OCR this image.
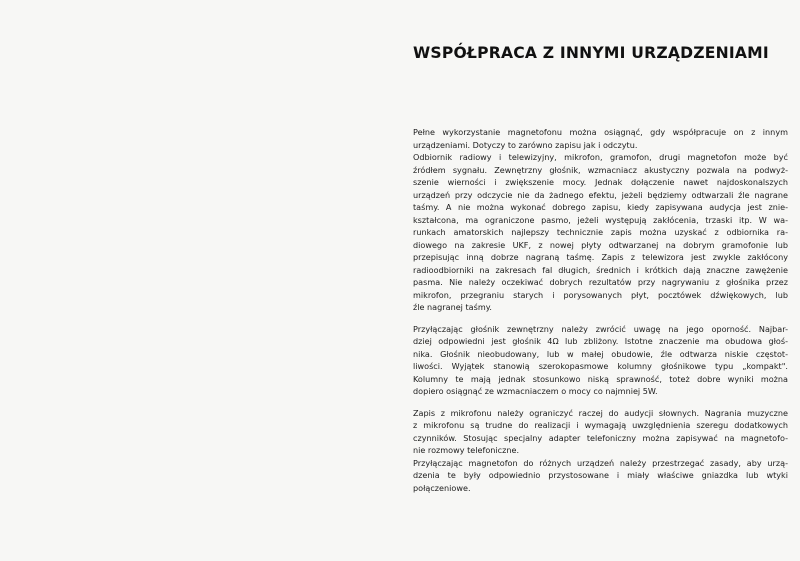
WSPÓŁPRACA Z INNYMI URZĄDZENIAMI

Pełne wykorzystanie magnetofonu można osiągnąć, gdy współpracuje on z innym
urządzeniami. Dotyczy to zarówno zapisu jak i odczytu.
Odbiornik radiowy i telewizyjny, mikrofon, gramofon, drugi magnetofon może być
źródłem sygnału. Zewnętrzny głośnik, wzmacniacz akustyczny pozwala na podwyż-
szenie wierności i zwiększenie mocy. Jednak dołączenie nawet najdoskonalszych
urządzeń przy odczycie nie da żadnego efektu, jeżeli będziemy odtwarzali źle nagrane
taśmy. A nie można wykonać dobrego zapisu, kiedy zapisywana audycja jest znie-
kształcona, ma ograniczone pasmo, jeżeli występują zakłócenia, trzaski itp. W wa-
runkach amatorskich najlepszy technicznie zapis można uzyskać z odbiornika ra-
diowego na zakresie UKF, z nowej płyty odtwarzanej na dobrym gramofonie lub
przepisując inną dobrze nagraną taśmę. Zapis z telewizora jest zwykle zakłócony
radioodbiorniki na zakresach fal długich, średnich i krótkich dają znaczne zawężenie
pasma. Nie należy oczekiwać dobrych rezultatów przy nagrywaniu z głośnika przez
mikrofon, przegraniu starych i porysowanych płyt, pocztówek dźwiękowych, lub
źle nagranej taśmy.

Przyłączając głośnik zewnętrzny należy zwrócić uwagę na jego oporność. Najbar-
dziej odpowiedni jest głośnik 4Ω lub zbliżony. Istotne znaczenie ma obudowa głoś-
nika. Głośnik nieobudowany, lub w małej obudowie, źle odtwarza niskie częstot-
liwości. Wyjątek stanowią szerokopasmowe kolumny głośnikowe typu „kompakt".
Kolumny te mają jednak stosunkowo niską sprawność, toteż dobre wyniki można
dopiero osiągnąć ze wzmacniaczem o mocy co najmniej 5W.

Zapis z mikrofonu należy ograniczyć raczej do audycji słownych. Nagrania muzyczne
z mikrofonu są trudne do realizacji i wymagają uwzględnienia szeregu dodatkowych
czynników. Stosując specjalny adapter telefoniczny można zapisywać na magnetofo-
nie rozmowy telefoniczne.
Przyłączając magnetofon do różnych urządzeń należy przestrzegać zasady, aby urzą-
dzenia te były odpowiednio przystosowane i miały właściwe gniazdka lub wtyki
połączeniowe.
